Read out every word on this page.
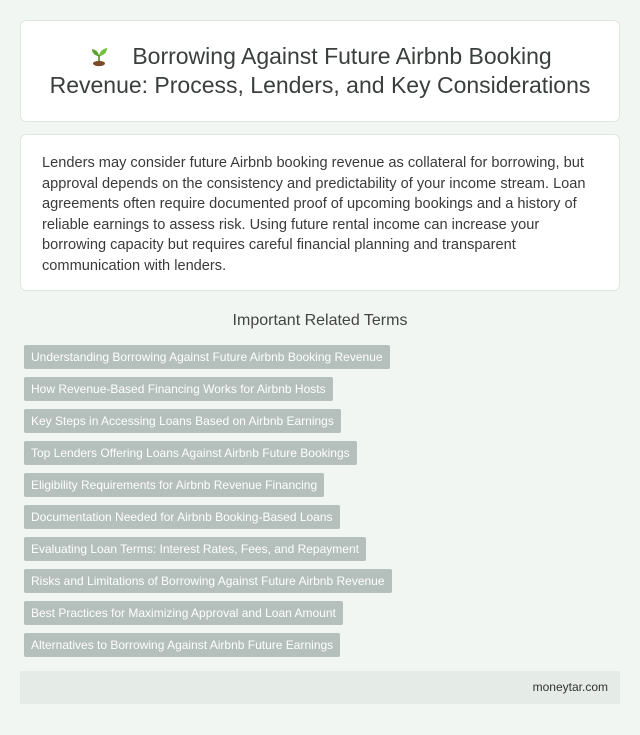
Borrowing Against Future Airbnb Booking Revenue: Process, Lenders, and Key Considerations

Lenders may consider future Airbnb booking revenue as collateral for borrowing, but approval depends on the consistency and predictability of your income stream. Loan agreements often require documented proof of upcoming bookings and a history of reliable earnings to assess risk. Using future rental income can increase your borrowing capacity but requires careful financial planning and transparent communication with lenders.

Important Related Terms
Understanding Borrowing Against Future Airbnb Booking Revenue
How Revenue-Based Financing Works for Airbnb Hosts
Key Steps in Accessing Loans Based on Airbnb Earnings
Top Lenders Offering Loans Against Airbnb Future Bookings
Eligibility Requirements for Airbnb Revenue Financing
Documentation Needed for Airbnb Booking-Based Loans
Evaluating Loan Terms: Interest Rates, Fees, and Repayment
Risks and Limitations of Borrowing Against Future Airbnb Revenue
Best Practices for Maximizing Approval and Loan Amount
Alternatives to Borrowing Against Airbnb Future Earnings
moneytar.com
